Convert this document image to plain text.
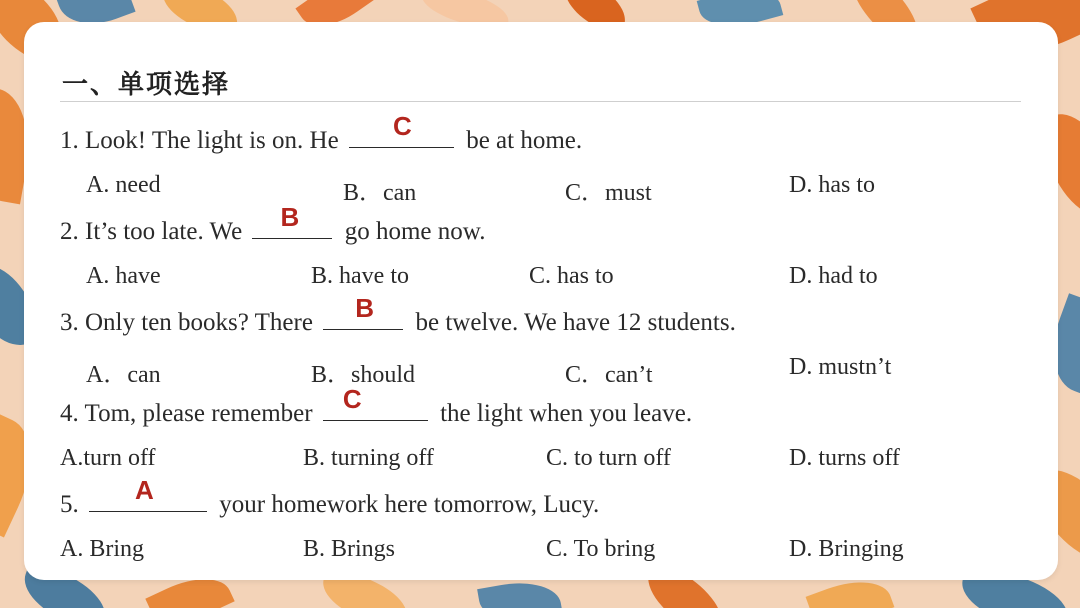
一、单项选择
1. Look! The light is on. He C be at home.
A. need	B．can	C．must	D. has to
2. It’s too late. We B go home now.
A. have	B. have to	C. has to	D. had to
3. Only ten books? There B be twelve. We have 12 students.
A．can	B．should	C．can’t	D. mustn’t
4. Tom, please remember C	the light when you leave.
A.turn off	B. turning off	C. to turn off	D. turns off
5. A your homework here tomorrow, Lucy.
A. Bring	B. Brings	C. To bring	D. Bringing
